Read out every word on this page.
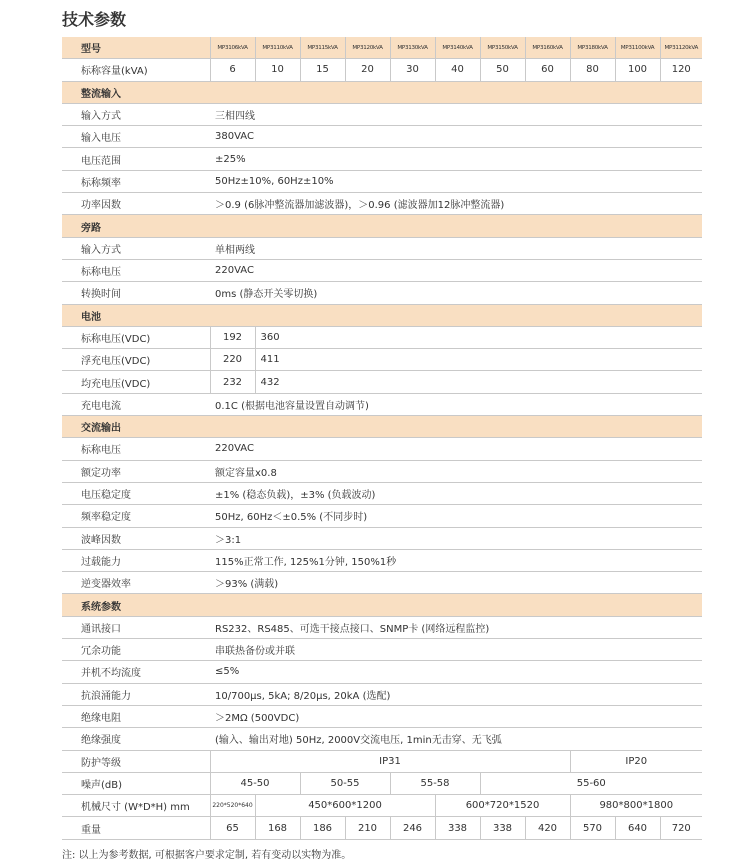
技术参数
型号	MP3106kVA	MP3110kVA	MP3115kVA	MP3120kVA	MP3130kVA	MP3140kVA	MP3150kVA	MP3160kVA	MP3180kVA	MP31100kVA	MP31120kVA
标称容量(kVA)	6	10	15	20	30	40	50	60	80	100	120
整流输入											
输入方式	三相四线										
输入电压	380VAC										
电压范围	±25%										
标称频率	50Hz±10%, 60Hz±10%										
功率因数	＞0.9 (6脉冲整流器加滤波器)，＞0.96 (滤波器加12脉冲整流器)										
旁路											
输入方式	单相两线										
标称电压	220VAC										
转换时间	0ms (静态开关零切换)										
电池											
标称电压(VDC)	192	360									
浮充电压(VDC)	220	411									
均充电压(VDC)	232	432									
充电电流	0.1C (根据电池容量设置自动调节)										
交流输出											
标称电压	220VAC										
额定功率	额定容量x0.8										
电压稳定度	±1% (稳态负载)，±3% (负载波动)										
频率稳定度	50Hz, 60Hz＜±0.5% (不同步时)										
波峰因数	＞3:1										
过载能力	115%正常工作, 125%1分钟, 150%1秒										
逆变器效率	＞93% (满载)										
系统参数											
通讯接口	RS232、RS485、可选干接点接口、SNMP卡 (网络远程监控)										
冗余功能	串联热备份或并联										
并机不均流度	≤5%										
抗浪涌能力	10/700μs, 5kA; 8/20μs, 20kA (选配)										
绝缘电阻	＞2MΩ (500VDC)										
绝缘强度	(输入、输出对地) 50Hz, 2000V交流电压, 1min无击穿、无飞弧										
防护等级	IP31								IP20		
噪声(dB)	45-50		50-55		55-58		55-60				
机械尺寸 (W*D*H) mm	220*520*640	450*600*1200				600*720*1520			980*800*1800		
重量	65	168	186	210	246	338	338	420	570	640	720

注: 以上为参考数据, 可根据客户要求定制, 若有变动以实物为准。
